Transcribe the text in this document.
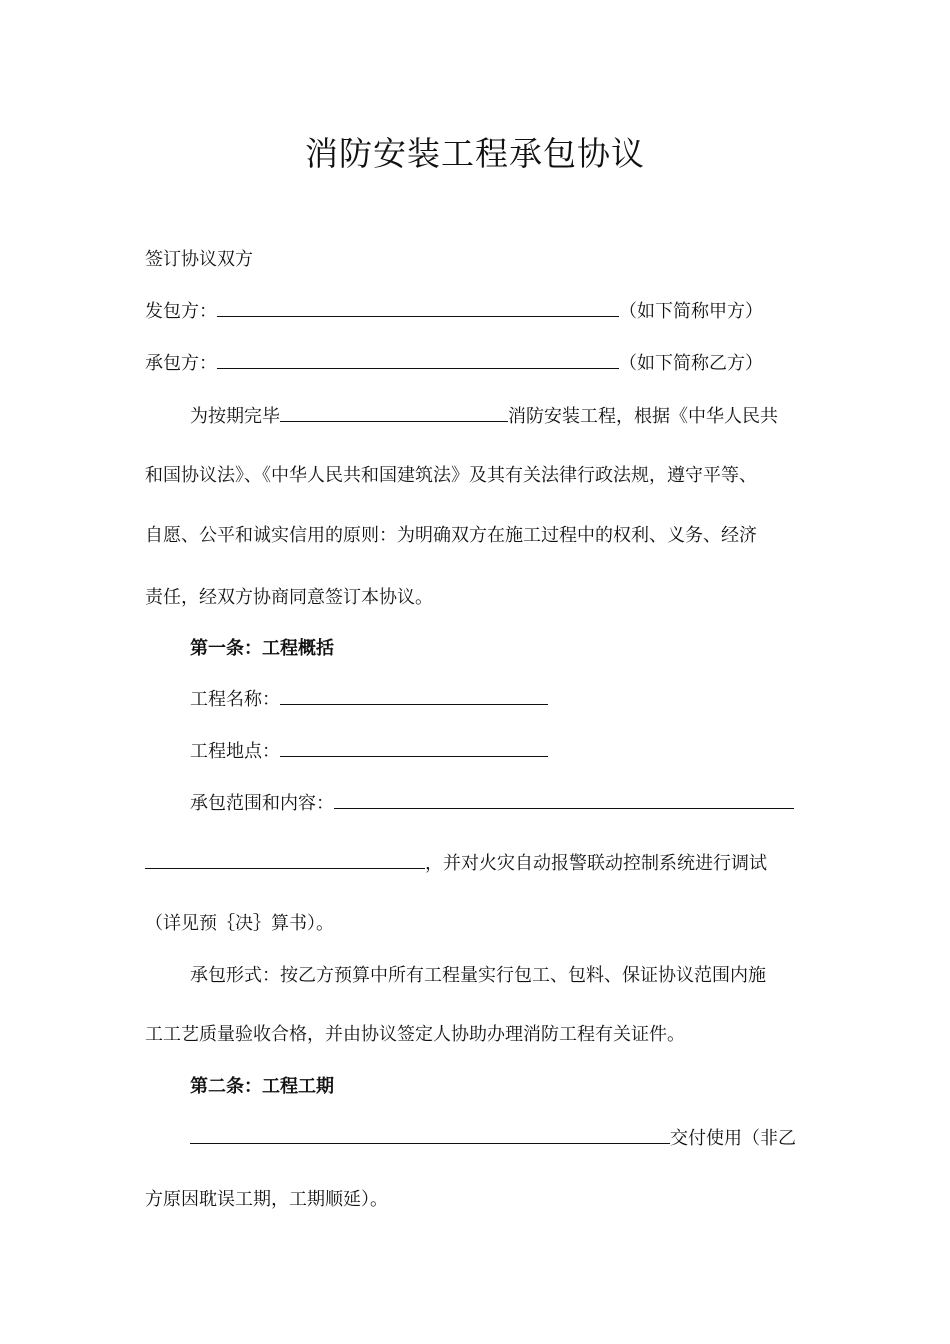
消防安装工程承包协议
签订协议双方
发包方：	（如下简称甲方）
承包方：	（如下简称乙方）
为按期完毕	消防安装工程，根据《中华人民共
和国协议法》、《中华人民共和国建筑法》及其有关法律行政法规，遵守平等、
自愿、公平和诚实信用的原则：为明确双方在施工过程中的权利、义务、经济
责任，经双方协商同意签订本协议。
第一条：工程概括
工程名称：
工程地点：
承包范围和内容：
，并对火灾自动报警联动控制系统进行调试
（详见预｛决｝算书）。
承包形式：按乙方预算中所有工程量实行包工、包料、保证协议范围内施
工工艺质量验收合格，并由协议签定人协助办理消防工程有关证件。
第二条：工程工期
交付使用（非乙
方原因耽误工期，工期顺延）。
